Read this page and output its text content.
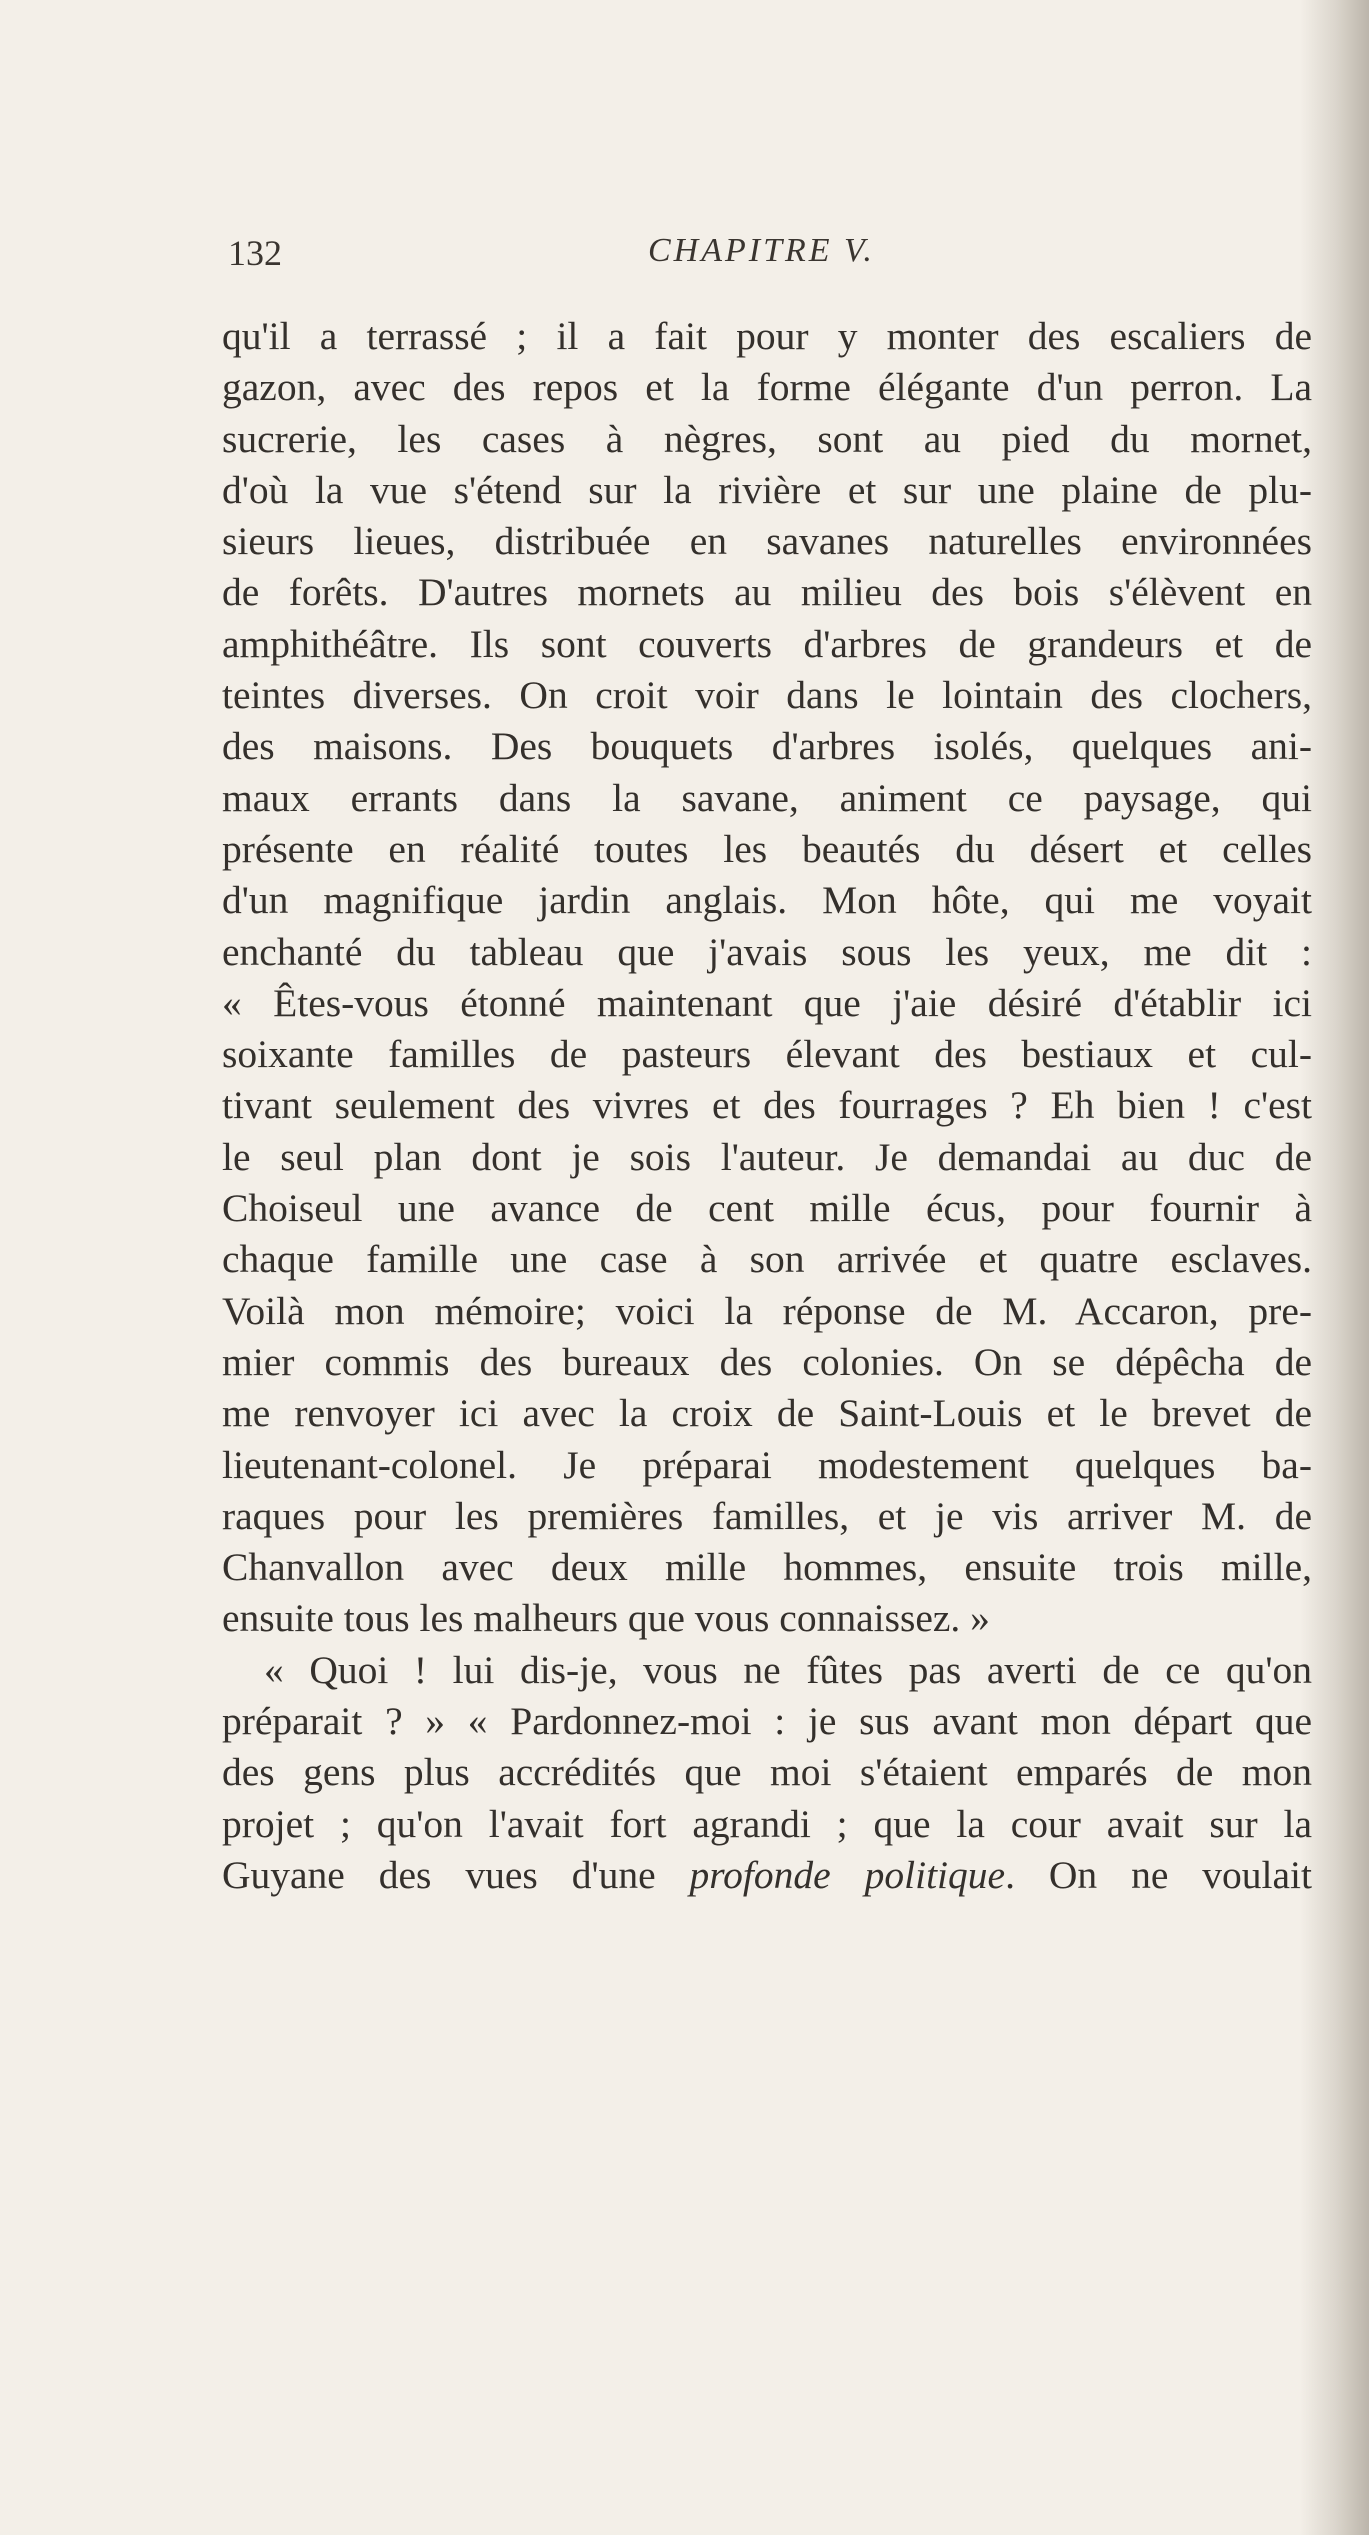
132	CHAPITRE V.
qu'il a terrassé ; il a fait pour y monter des escaliers de
gazon, avec des repos et la forme élégante d'un perron. La
sucrerie, les cases à nègres, sont au pied du mornet,
d'où la vue s'étend sur la rivière et sur une plaine de plu-
sieurs lieues, distribuée en savanes naturelles environnées
de forêts. D'autres mornets au milieu des bois s'élèvent en
amphithéâtre. Ils sont couverts d'arbres de grandeurs et de
teintes diverses. On croit voir dans le lointain des clochers,
des maisons. Des bouquets d'arbres isolés, quelques ani-
maux errants dans la savane, animent ce paysage, qui
présente en réalité toutes les beautés du désert et celles
d'un magnifique jardin anglais. Mon hôte, qui me voyait
enchanté du tableau que j'avais sous les yeux, me dit :
« Êtes-vous étonné maintenant que j'aie désiré d'établir ici
soixante familles de pasteurs élevant des bestiaux et cul-
tivant seulement des vivres et des fourrages ? Eh bien ! c'est
le seul plan dont je sois l'auteur. Je demandai au duc de
Choiseul une avance de cent mille écus, pour fournir à
chaque famille une case à son arrivée et quatre esclaves.
Voilà mon mémoire; voici la réponse de M. Accaron, pre-
mier commis des bureaux des colonies. On se dépêcha de
me renvoyer ici avec la croix de Saint-Louis et le brevet de
lieutenant-colonel. Je préparai modestement quelques ba-
raques pour les premières familles, et je vis arriver M. de
Chanvallon avec deux mille hommes, ensuite trois mille,
ensuite tous les malheurs que vous connaissez. »
« Quoi ! lui dis-je, vous ne fûtes pas averti de ce qu'on
préparait ? » « Pardonnez-moi : je sus avant mon départ que
des gens plus accrédités que moi s'étaient emparés de mon
projet ; qu'on l'avait fort agrandi ; que la cour avait sur la
Guyane des vues d'une profonde politique. On ne voulait
